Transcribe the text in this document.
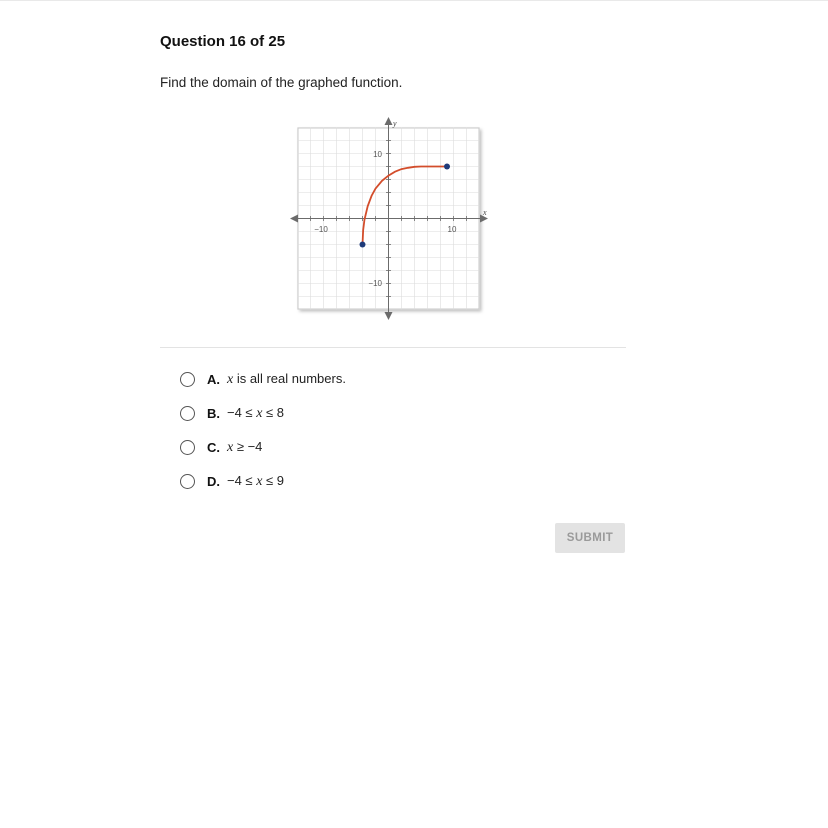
Question 16 of 25
Find the domain of the graphed function.
−10	10
10
−10
x
y
A. x is all real numbers.
B. −4 ≤ x ≤ 8
C. x ≥ −4
D. −4 ≤ x ≤ 9
SUBMIT
